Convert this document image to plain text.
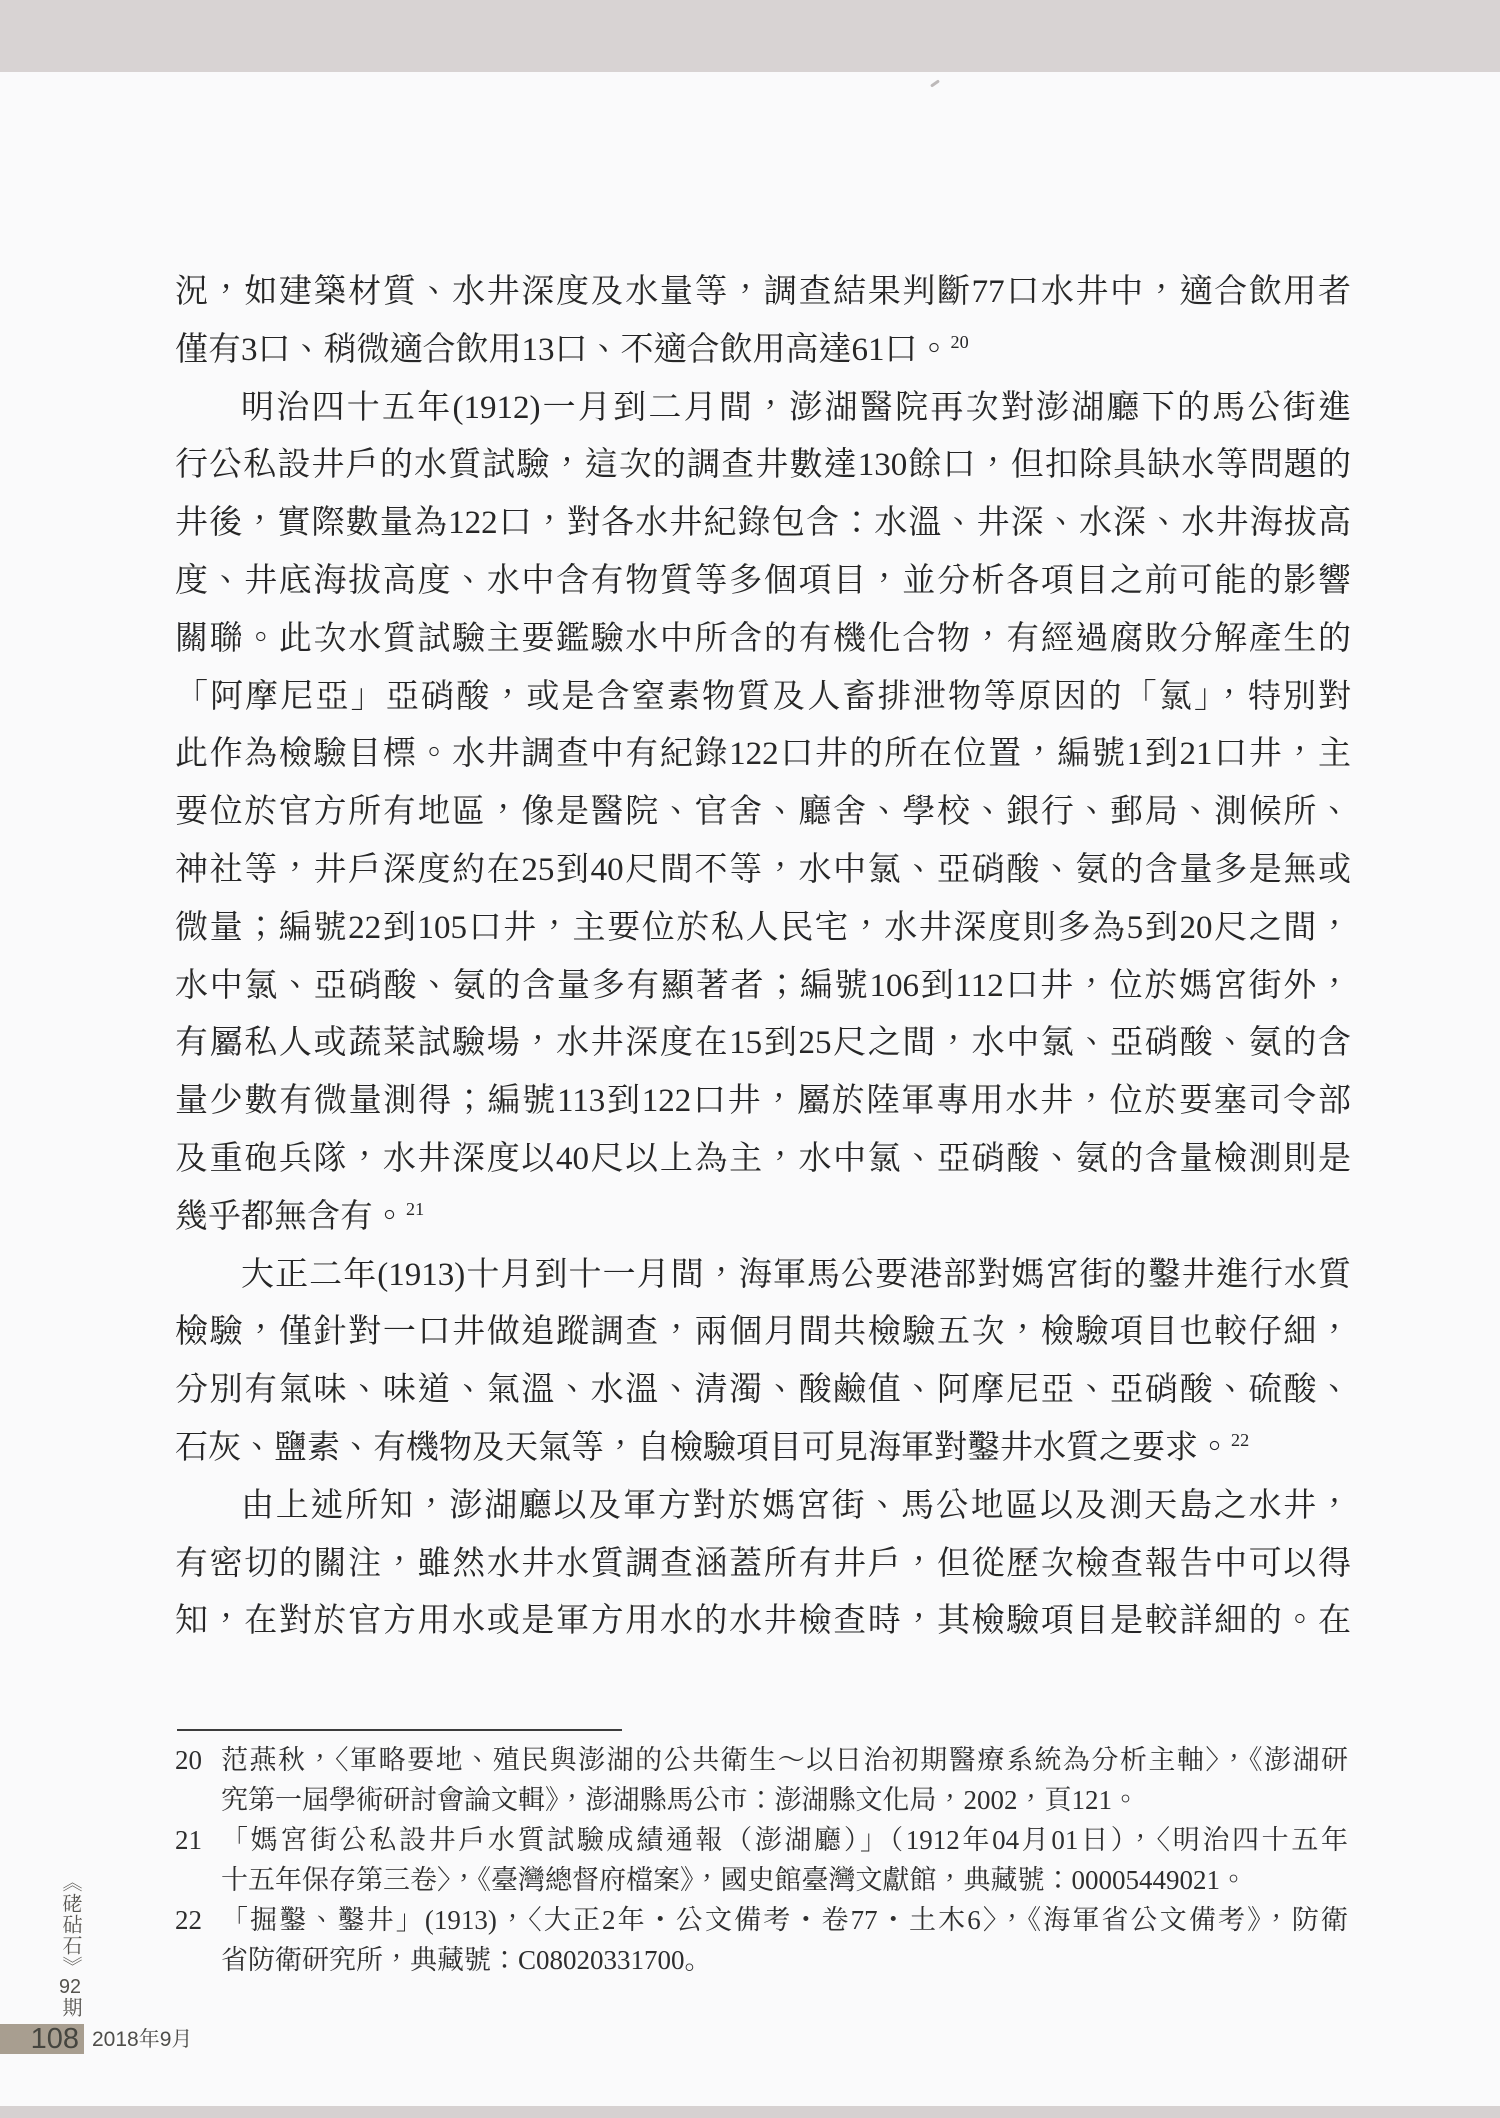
況，如建築材質、水井深度及水量等，調查結果判斷77口水井中，適合飲用者
僅有3口、稍微適合飲用13口、不適合飲用高達61口。$^{20}$
明治四十五年(1912)一月到二月間，澎湖醫院再次對澎湖廳下的馬公街進
行公私設井戶的水質試驗，這次的調查井數達130餘口，但扣除具缺水等問題的
井後，實際數量為122口，對各水井紀錄包含：水溫、井深、水深、水井海拔高
度、井底海拔高度、水中含有物質等多個項目，並分析各項目之前可能的影響
關聯。此次水質試驗主要鑑驗水中所含的有機化合物，有經過腐敗分解產生的
「阿摩尼亞」亞硝酸，或是含窒素物質及人畜排泄物等原因的「氯」，特別對
此作為檢驗目標。水井調查中有紀錄122口井的所在位置，編號1到21口井，主
要位於官方所有地區，像是醫院、官舍、廳舍、學校、銀行、郵局、測候所、
神社等，井戶深度約在25到40尺間不等，水中氯、亞硝酸、氨的含量多是無或
微量；編號22到105口井，主要位於私人民宅，水井深度則多為5到20尺之間，
水中氯、亞硝酸、氨的含量多有顯著者；編號106到112口井，位於媽宮街外，
有屬私人或蔬菜試驗場，水井深度在15到25尺之間，水中氯、亞硝酸、氨的含
量少數有微量測得；編號113到122口井，屬於陸軍專用水井，位於要塞司令部
及重砲兵隊，水井深度以40尺以上為主，水中氯、亞硝酸、氨的含量檢測則是
幾乎都無含有。$^{21}$
大正二年(1913)十月到十一月間，海軍馬公要港部對媽宮街的鑿井進行水質
檢驗，僅針對一口井做追蹤調查，兩個月間共檢驗五次，檢驗項目也較仔細，
分別有氣味、味道、氣溫、水溫、清濁、酸鹼值、阿摩尼亞、亞硝酸、硫酸、
石灰、鹽素、有機物及天氣等，自檢驗項目可見海軍對鑿井水質之要求。$^{22}$
由上述所知，澎湖廳以及軍方對於媽宮街、馬公地區以及測天島之水井，
有密切的關注，雖然水井水質調查涵蓋所有井戶，但從歷次檢查報告中可以得
知，在對於官方用水或是軍方用水的水井檢查時，其檢驗項目是較詳細的。在
20 范燕秋，〈軍略要地、殖民與澎湖的公共衛生～以日治初期醫療系統為分析主軸〉，《澎湖研
究第一屆學術研討會論文輯》，澎湖縣馬公市：澎湖縣文化局，2002，頁121。
21 「媽宮街公私設井戶水質試驗成績通報（澎湖廳）」（1912年04月01日），〈明治四十五年
十五年保存第三卷〉，《臺灣總督府檔案》，國史館臺灣文獻館，典藏號：00005449021。
22 「掘鑿、鑿井」(1913)，〈大正2年・公文備考・卷77・土木6〉，《海軍省公文備考》，防衛
省防衛研究所，典藏號：C08020331700。
《硓砧石》92期
108 2018年9月
